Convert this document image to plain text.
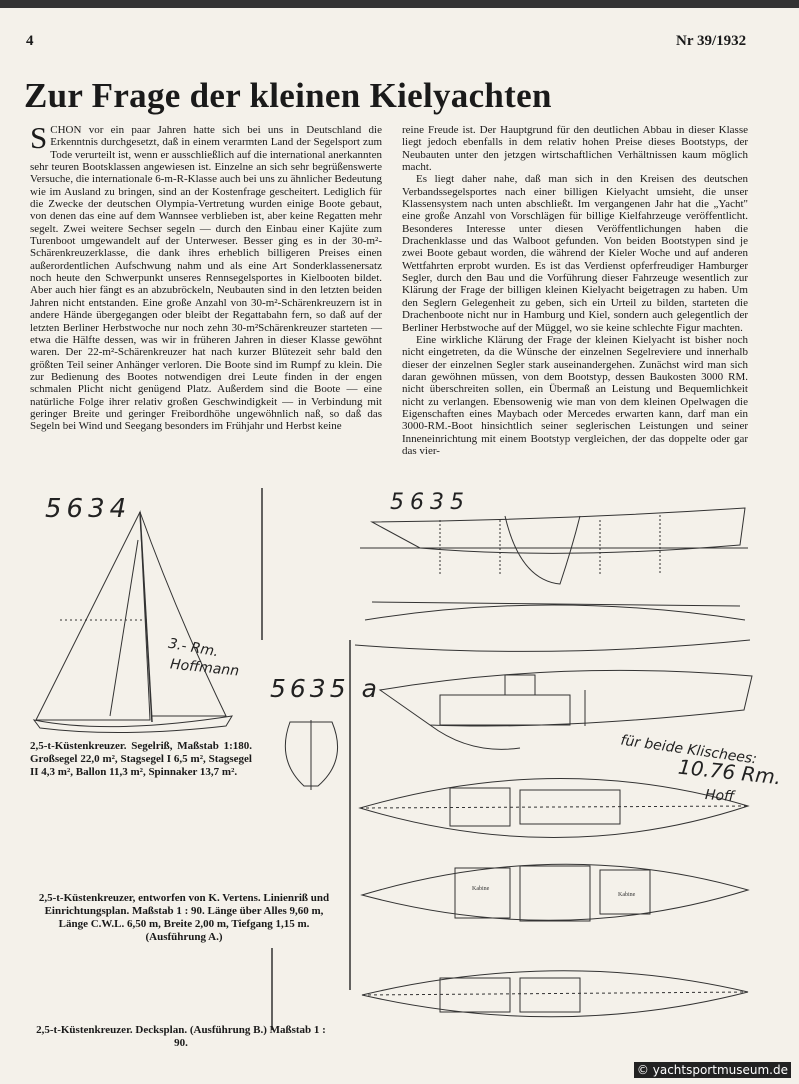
4	Nr 39/1932
Zur Frage der kleinen Kielyachten

SCHON vor ein paar Jahren hatte sich bei uns in Deutschland die Erkenntnis durchgesetzt, daß in einem verarmten Land der Segelsport zum Tode verurteilt ist, wenn er ausschließlich auf die international anerkannten sehr teuren Bootsklassen angewiesen ist. Einzelne an sich sehr begrüßenswerte Versuche, die internationale 6-m-R-Klasse auch bei uns zu ähnlicher Bedeutung wie im Ausland zu bringen, sind an der Kostenfrage gescheitert. Lediglich für die Zwecke der deutschen Olympia-Vertretung wurden einige Boote gebaut, von denen das eine auf dem Wannsee verblieben ist, aber keine Regatten mehr segelt. Zwei weitere Sechser segeln — durch den Einbau einer Kajüte zum Turenboot umgewandelt auf der Unterweser. Besser ging es in der 30-m²-Schärenkreuzerklasse, die dank ihres erheblich billigeren Preises einen außerordentlichen Aufschwung nahm und als eine Art Sonderklassenersatz noch heute den Schwerpunkt unseres Rennsegelsportes in Kielbooten bildet. Aber auch hier fängt es an abzubröckeln, Neubauten sind in den letzten beiden Jahren nicht entstanden. Eine große Anzahl von 30-m²-Schärenkreuzern ist in andere Hände übergegangen oder bleibt der Regattabahn fern, so daß auf der letzten Berliner Herbstwoche nur noch zehn 30-m²Schärenkreuzer starteten — etwa die Hälfte dessen, was wir in früheren Jahren in dieser Klasse gewöhnt waren. Der 22-m²-Schärenkreuzer hat nach kurzer Blütezeit sehr bald den größten Teil seiner Anhänger verloren. Die Boote sind im Rumpf zu klein. Die zur Bedienung des Bootes notwendigen drei Leute finden in der engen schmalen Plicht nicht genügend Platz. Außerdem sind die Boote — eine natürliche Folge ihrer relativ großen Geschwindigkeit — in Verbindung mit geringer Breite und geringer Freibordhöhe ungewöhnlich naß, so daß das Segeln bei Wind und Seegang besonders im Frühjahr und Herbst keine

reine Freude ist. Der Hauptgrund für den deutlichen Abbau in dieser Klasse liegt jedoch ebenfalls in dem relativ hohen Preise dieses Bootstyps, der Neubauten unter den jetzgen wirtschaftlichen Verhältnissen kaum möglich macht.

Es liegt daher nahe, daß man sich in den Kreisen des deutschen Verbandssegelsportes nach einer billigen Kielyacht umsieht, die unser Klassensystem nach unten abschließt. Im vergangenen Jahr hat die „Yacht" eine große Anzahl von Vorschlägen für billige Kielfahrzeuge veröffentlicht. Besonderes Interesse unter diesen Veröffentlichungen haben die Drachenklasse und das Walboot gefunden. Von beiden Bootstypen sind je zwei Boote gebaut worden, die während der Kieler Woche und auf anderen Wettfahrten erprobt wurden. Es ist das Verdienst opferfreudiger Hamburger Segler, durch den Bau und die Vorführung dieser Fahrzeuge wesentlich zur Klärung der Frage der billigen kleinen Kielyacht beigetragen zu haben. Um den Seglern Gelegenheit zu geben, sich ein Urteil zu bilden, starteten die Drachenboote nicht nur in Hamburg und Kiel, sondern auch gelegentlich der Berliner Herbstwoche auf der Müggel, wo sie keine schlechte Figur machten.

Eine wirkliche Klärung der Frage der kleinen Kielyacht ist bisher noch nicht eingetreten, da die Wünsche der einzelnen Segelreviere und innerhalb dieser der einzelnen Segler stark auseinandergehen. Zunächst wird man sich daran gewöhnen müssen, von dem Bootstyp, dessen Baukosten 3000 RM. nicht überschreiten sollen, ein Übermaß an Leistung und Bequemlichkeit nicht zu verlangen. Ebensowenig wie man von dem kleinen Opelwagen die Eigenschaften eines Maybach oder Mercedes erwarten kann, darf man ein 3000-RM.-Boot hinsichtlich seiner seglerischen Leistungen und seiner Inneneinrichtung mit einem Bootstyp vergleichen, der das doppelte oder gar das vier-

Kabine
Kabine
5634	5635
5635 a
3.- Rm.
Hoffmann
für beide Klischees:
10.76 Rm.
Hoff
2,5-t-Küstenkreuzer. Segelriß, Maßstab 1:180. Großsegel 22,0 m², Stagsegel I 6,5 m², Stagsegel II 4,3 m², Ballon 11,3 m², Spinnaker 13,7 m².
2,5-t-Küstenkreuzer, entworfen von K. Vertens. Linienriß und Einrichtungsplan. Maßstab 1 : 90. Länge über Alles 9,60 m, Länge C.W.L. 6,50 m, Breite 2,00 m, Tiefgang 1,15 m. (Ausführung A.)
2,5-t-Küstenkreuzer. Decksplan. (Ausführung B.) Maßstab 1 : 90.
© yachtsportmuseum.de
